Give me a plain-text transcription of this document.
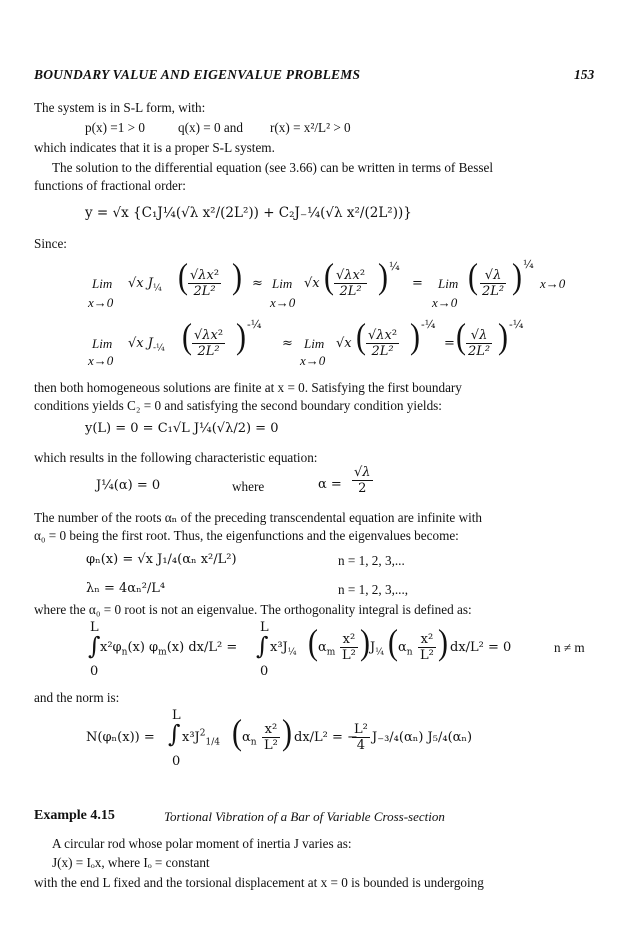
BOUNDARY VALUE AND EIGENVALUE PROBLEMS	153
The system is in S-L form, with:
p(x) =1 > 0	q(x) = 0 and r(x) = x²/L² > 0
which indicates that it is a proper S-L system.
The solution to the differential equation (see 3.66) can be written in terms of Bessel
functions of fractional order:
y = √x {C₁J¼(√λ x²/(2L²)) + C₂J₋¼(√λ x²/(2L²))}
Since:
Lim
x→0
√x $J_{\frac{1}{4}}$ ( $\frac{\text{√λx²}}{\text{2L²}}$ ) ≈ Lim
x→0
√x ( $\frac{\text{√λx²}}{\text{2L²}}$ ) ¼
= Lim
x→0
( $\frac{√\lambda}{\text{2L²}}$ ) ¼
x→0
Lim
x→0
√x $J_{-\frac{1}{4}}$ ( $\frac{\text{√λx²}}{\text{2L²}}$ ) -¼
≈ Lim
x→0
√x ( $\frac{\text{√λx²}}{\text{2L²}}$ ) -¼
= ( $\frac{√\lambda}{\text{2L²}}$ ) -¼
then both homogeneous solutions are finite at x = 0. Satisfying the first boundary
conditions yields C₂ = 0 and satisfying the second boundary condition yields:
y(L) = 0 = C₁√L J¼(√λ/2) = 0
which results in the following characteristic equation:
J¼(α) = 0	where	$\alpha = \frac{√\lambda}{2}$
The number of the roots αₙ of the preceding transcendental equation are infinite with
α₀ = 0 being the first root. Thus, the eigenfunctions and the eigenvalues become:
φₙ(x) = √x J₁/₄(αₙ x²/L²)	n = 1, 2, 3,...
λₙ = 4αₙ²/L⁴	n = 1, 2, 3,...,
where the α₀ = 0 root is not an eigenvalue. The orthogonality integral is defined as:
L
∫
0
$x^2\varphi_n(x)$ $\varphi_m(x) dx/L^2$ =
L
∫
0
$x^3J_{\frac{1}{4}}$ ( $\alpha_m \frac{\text{x²}}{\text{L²}}$ ) $J_{\frac{1}{4}}$ ( $\alpha_n \frac{\text{x²}}{\text{L²}}$ ) dx/L² = 0	n ≠ m
and the norm is:
N(φₙ(x)) =
L
∫
0
$x^3J^2_{1/4}$ ( $\alpha_n \frac{\text{x²}}{\text{L²}}$ ) dx/L² = −
$\frac{\text{L²}}{4} J_{-3}/_4(\alpha_n)$ J₅/₄(αₙ)
Example 4.15	Tortional Vibration of a Bar of Variable Cross-section
A circular rod whose polar moment of inertia J varies as:
J(x) = Iₒx, where Iₒ = constant
with the end L fixed and the torsional displacement at x = 0 is bounded is undergoing
